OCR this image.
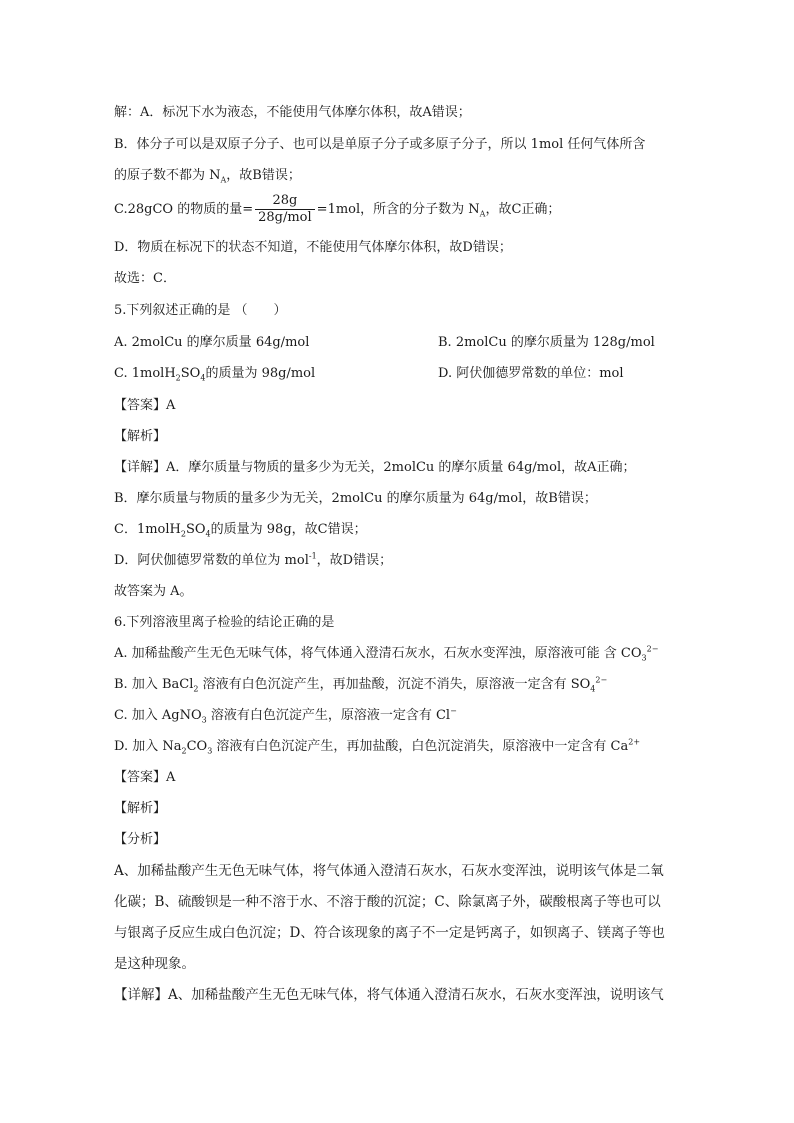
解：A．标况下水为液态，不能使用气体摩尔体积，故A错误；
B．体分子可以是双原子分子、也可以是单原子分子或多原子分子，所以 1mol 任何气体所含
的原子数不都为 $N_A$，故B错误；
C.28gCO 的物质的量= $\frac{28g}{\text{28g/mol}} =1mol$，所含的分子数为 $N_A$，故C正确；
D．物质在标况下的状态不知道，不能使用气体摩尔体积，故D错误；
故选：C．
5.下列叙述正确的是 （　　）
A. 2molCu 的摩尔质量 64g/mol	B. 2molCu 的摩尔质量为 128g/mol
C. $1molH_2SO_4$的质量为 98g/mol	D. 阿伏伽德罗常数的单位：mol
【答案】A
【解析】
【详解】A．摩尔质量与物质的量多少为无关，2molCu 的摩尔质量 64g/mol，故A正确；
B．摩尔质量与物质的量多少为无关，2molCu 的摩尔质量为 64g/mol，故B错误；
C．$1molH_2SO_4$的质量为 98g，故C错误；
D．阿伏伽德罗常数的单位为 mol$^{-1}$，故D错误；
故答案为 A。
6.下列溶液里离子检验的结论正确的是
A. 加稀盐酸产生无色无味气体，将气体通入澄清石灰水，石灰水变浑浊，原溶液可能 含 $CO_3^{2-}$
B. 加入 BaCl$_2$ 溶液有白色沉淀产生，再加盐酸，沉淀不消失，原溶液一定含有 $SO_4^{2-}$
C. 加入 AgNO$_3$ 溶液有白色沉淀产生，原溶液一定含有 Cl−
D. 加入 $Na_2CO_3$ 溶液有白色沉淀产生，再加盐酸，白色沉淀消失，原溶液中一定含有 $Ca^{2+}$
【答案】A
【解析】
【分析】
A、加稀盐酸产生无色无味气体，将气体通入澄清石灰水，石灰水变浑浊，说明该气体是二氧
化碳；B、硫酸钡是一种不溶于水、不溶于酸的沉淀；C、除氯离子外，碳酸根离子等也可以
与银离子反应生成白色沉淀；D、符合该现象的离子不一定是钙离子，如钡离子、镁离子等也
是这种现象。
【详解】A、加稀盐酸产生无色无味气体，将气体通入澄清石灰水，石灰水变浑浊，说明该气
